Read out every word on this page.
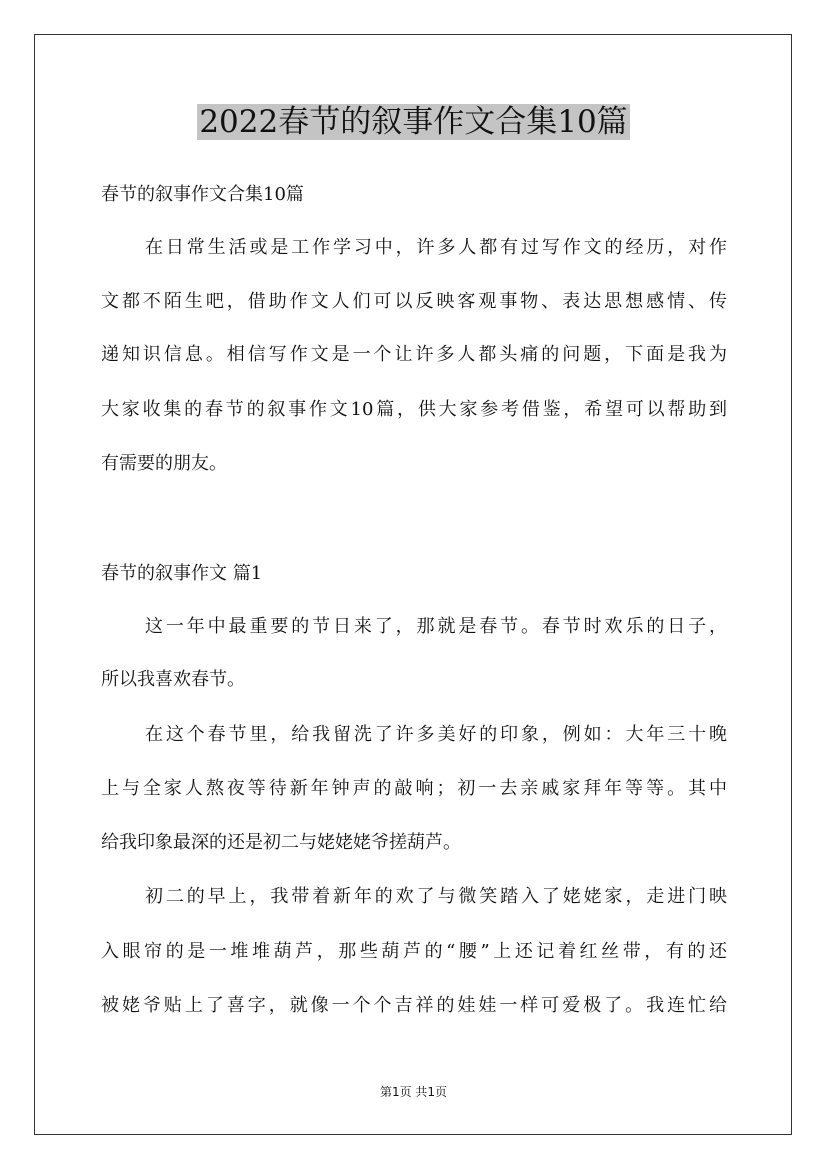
2022春节的叙事作文合集10篇

春节的叙事作文合集10篇

在日常生活或是工作学习中，许多人都有过写作文的经历，对作

文都不陌生吧，借助作文人们可以反映客观事物、表达思想感情、传

递知识信息。相信写作文是一个让许多人都头痛的问题，下面是我为

大家收集的春节的叙事作文10篇，供大家参考借鉴，希望可以帮助到

有需要的朋友。

春节的叙事作文 篇1

这一年中最重要的节日来了，那就是春节。春节时欢乐的日子，

所以我喜欢春节。

在这个春节里，给我留洗了许多美好的印象，例如：大年三十晚

上与全家人熬夜等待新年钟声的敲响；初一去亲戚家拜年等等。其中

给我印象最深的还是初二与姥姥姥爷搓葫芦。

初二的早上，我带着新年的欢了与微笑踏入了姥姥家，走进门映

入眼帘的是一堆堆葫芦，那些葫芦的“腰”上还记着红丝带，有的还

被姥爷贴上了喜字，就像一个个吉祥的娃娃一样可爱极了。我连忙给

第1页 共1页
